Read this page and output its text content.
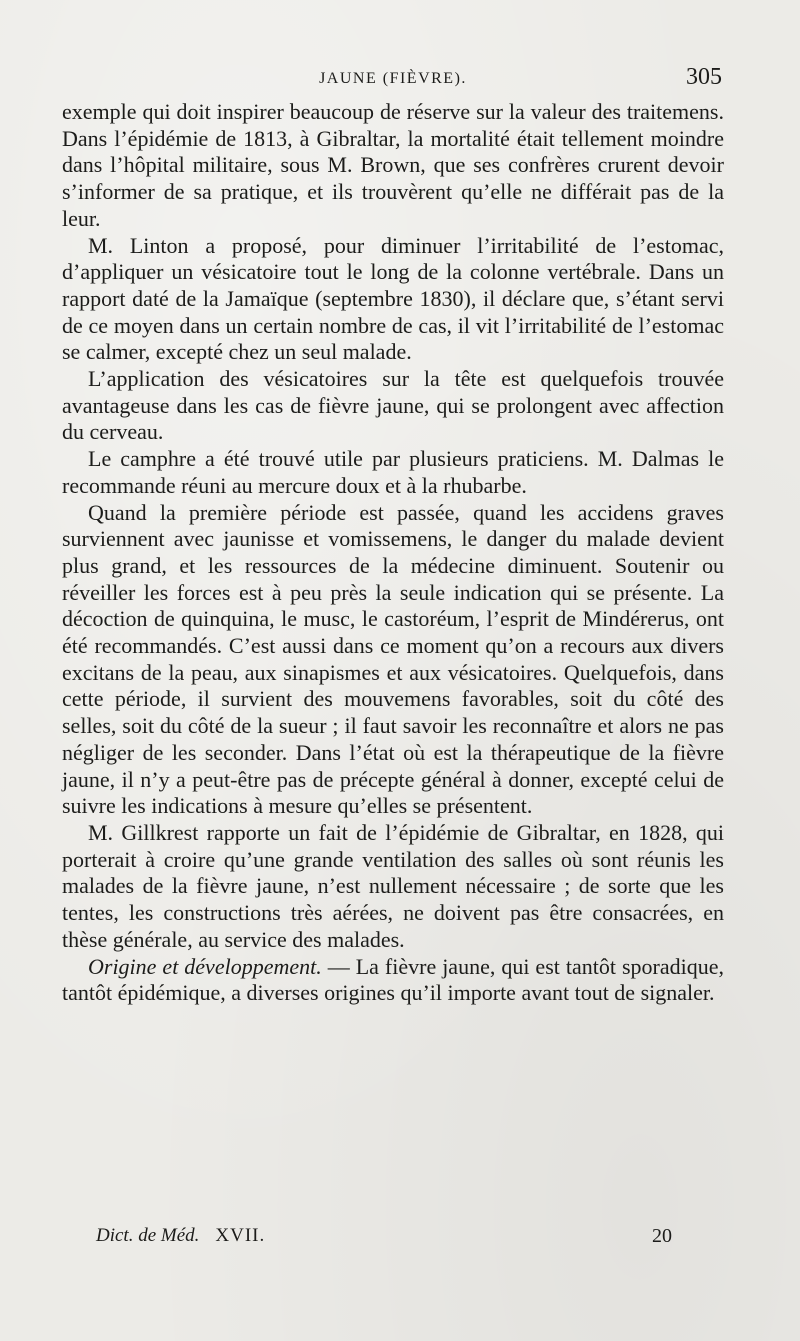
JAUNE (FIÈVRE).	305

exemple qui doit inspirer beaucoup de réserve sur la valeur des traitemens. Dans l’épidémie de 1813, à Gibraltar, la mortalité était tellement moindre dans l’hôpital militaire, sous M. Brown, que ses confrères crurent devoir s’informer de sa pratique, et ils trouvèrent qu’elle ne différait pas de la leur.

M. Linton a proposé, pour diminuer l’irritabilité de l’estomac, d’appliquer un vésicatoire tout le long de la colonne vertébrale. Dans un rapport daté de la Jamaïque (septembre 1830), il déclare que, s’étant servi de ce moyen dans un certain nombre de cas, il vit l’irritabilité de l’estomac se calmer, excepté chez un seul malade.

L’application des vésicatoires sur la tête est quelquefois trouvée avantageuse dans les cas de fièvre jaune, qui se prolongent avec affection du cerveau.

Le camphre a été trouvé utile par plusieurs praticiens. M. Dalmas le recommande réuni au mercure doux et à la rhubarbe.

Quand la première période est passée, quand les accidens graves surviennent avec jaunisse et vomissemens, le danger du malade devient plus grand, et les ressources de la médecine diminuent. Soutenir ou réveiller les forces est à peu près la seule indication qui se présente. La décoction de quinquina, le musc, le castoréum, l’esprit de Mindérerus, ont été recommandés. C’est aussi dans ce moment qu’on a recours aux divers excitans de la peau, aux sinapismes et aux vésicatoires. Quelquefois, dans cette période, il survient des mouvemens favorables, soit du côté des selles, soit du côté de la sueur ; il faut savoir les reconnaître et alors ne pas négliger de les seconder. Dans l’état où est la thérapeutique de la fièvre jaune, il n’y a peut-être pas de précepte général à donner, excepté celui de suivre les indications à mesure qu’elles se présentent.

M. Gillkrest rapporte un fait de l’épidémie de Gibraltar, en 1828, qui porterait à croire qu’une grande ventilation des salles où sont réunis les malades de la fièvre jaune, n’est nullement nécessaire ; de sorte que les tentes, les constructions très aérées, ne doivent pas être consacrées, en thèse générale, au service des malades.

Origine et développement. — La fièvre jaune, qui est tantôt sporadique, tantôt épidémique, a diverses origines qu’il importe avant tout de signaler.

Dict. de Méd. XVII.	20
